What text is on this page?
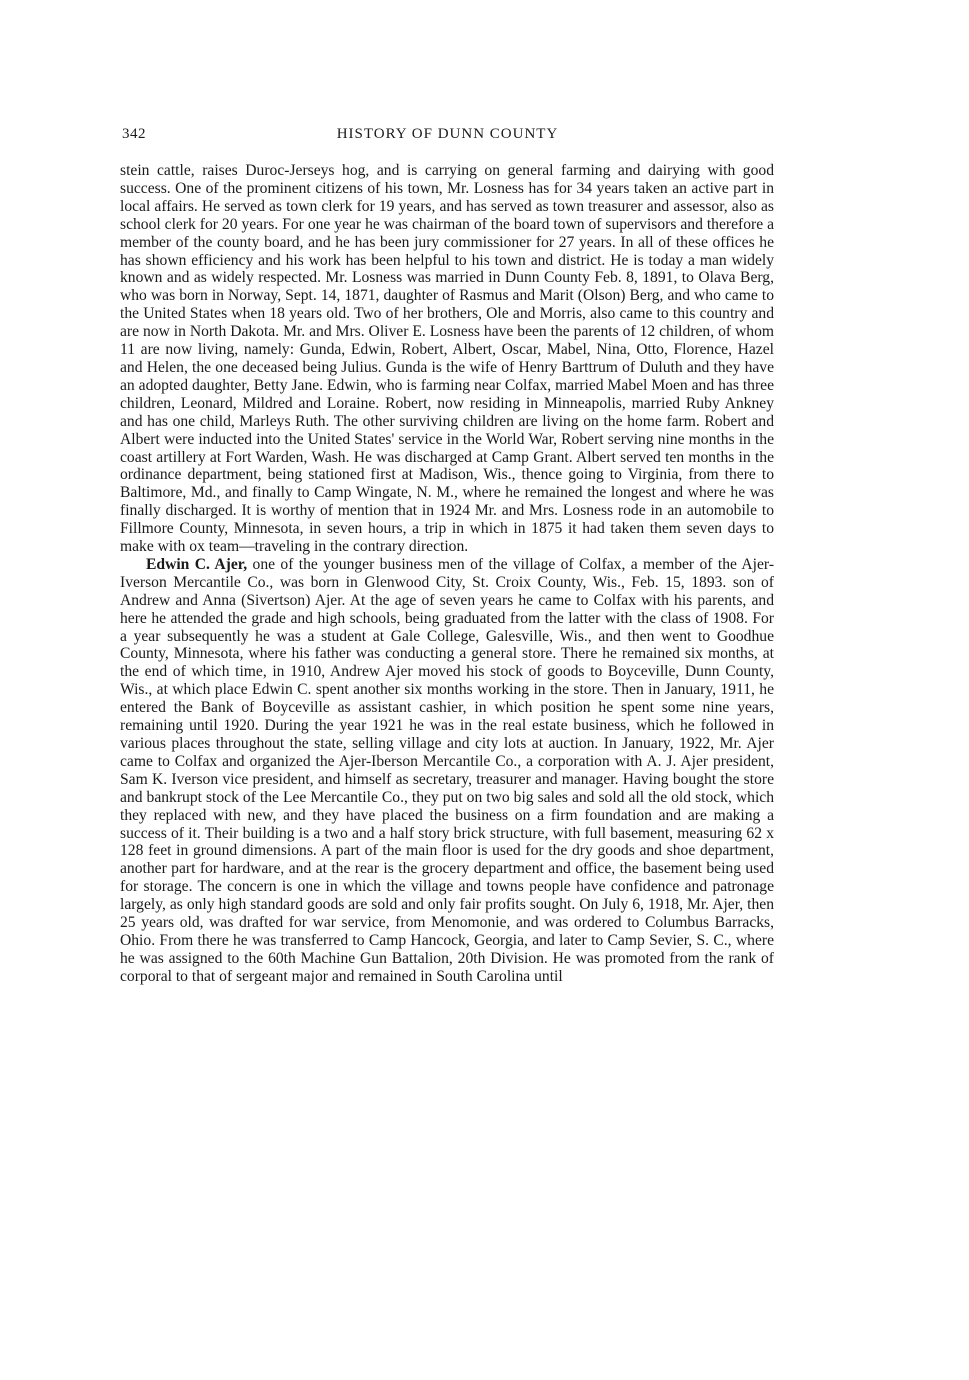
342	HISTORY OF DUNN COUNTY

stein cattle, raises Duroc-Jerseys hog, and is carrying on general farming and dairying with good success. One of the prominent citizens of his town, Mr. Losness has for 34 years taken an active part in local affairs. He served as town clerk for 19 years, and has served as town treasurer and assessor, also as school clerk for 20 years. For one year he was chairman of the board town of supervisors and therefore a member of the county board, and he has been jury commissioner for 27 years. In all of these offices he has shown efficiency and his work has been helpful to his town and district. He is today a man widely known and as widely respected. Mr. Losness was married in Dunn County Feb. 8, 1891, to Olava Berg, who was born in Norway, Sept. 14, 1871, daughter of Rasmus and Marit (Olson) Berg, and who came to the United States when 18 years old. Two of her brothers, Ole and Morris, also came to this country and are now in North Dakota. Mr. and Mrs. Oliver E. Losness have been the parents of 12 children, of whom 11 are now living, namely: Gunda, Edwin, Robert, Albert, Oscar, Mabel, Nina, Otto, Florence, Hazel and Helen, the one deceased being Julius. Gunda is the wife of Henry Barttrum of Duluth and they have an adopted daughter, Betty Jane. Edwin, who is farming near Colfax, married Mabel Moen and has three children, Leonard, Mildred and Loraine. Robert, now residing in Minneapolis, married Ruby Ankney and has one child, Marleys Ruth. The other surviving children are living on the home farm. Robert and Albert were inducted into the United States' service in the World War, Robert serving nine months in the coast artillery at Fort Warden, Wash. He was discharged at Camp Grant. Albert served ten months in the ordinance department, being stationed first at Madison, Wis., thence going to Virginia, from there to Baltimore, Md., and finally to Camp Wingate, N. M., where he remained the longest and where he was finally discharged. It is worthy of mention that in 1924 Mr. and Mrs. Losness rode in an automobile to Fillmore County, Minnesota, in seven hours, a trip in which in 1875 it had taken them seven days to make with ox team—traveling in the contrary direction.

Edwin C. Ajer, one of the younger business men of the village of Colfax, a member of the Ajer-Iverson Mercantile Co., was born in Glenwood City, St. Croix County, Wis., Feb. 15, 1893. son of Andrew and Anna (Sivertson) Ajer. At the age of seven years he came to Colfax with his parents, and here he attended the grade and high schools, being graduated from the latter with the class of 1908. For a year subsequently he was a student at Gale College, Galesville, Wis., and then went to Goodhue County, Minnesota, where his father was conducting a general store. There he remained six months, at the end of which time, in 1910, Andrew Ajer moved his stock of goods to Boyceville, Dunn County, Wis., at which place Edwin C. spent another six months working in the store. Then in January, 1911, he entered the Bank of Boyceville as assistant cashier, in which position he spent some nine years, remaining until 1920. During the year 1921 he was in the real estate business, which he followed in various places throughout the state, selling village and city lots at auction. In January, 1922, Mr. Ajer came to Colfax and organized the Ajer-Iberson Mercantile Co., a corporation with A. J. Ajer president, Sam K. Iverson vice president, and himself as secretary, treasurer and manager. Having bought the store and bankrupt stock of the Lee Mercantile Co., they put on two big sales and sold all the old stock, which they replaced with new, and they have placed the business on a firm foundation and are making a success of it. Their building is a two and a half story brick structure, with full basement, measuring 62 x 128 feet in ground dimensions. A part of the main floor is used for the dry goods and shoe department, another part for hardware, and at the rear is the grocery department and office, the basement being used for storage. The concern is one in which the village and towns people have confidence and patronage largely, as only high standard goods are sold and only fair profits sought. On July 6, 1918, Mr. Ajer, then 25 years old, was drafted for war service, from Menomonie, and was ordered to Columbus Barracks, Ohio. From there he was transferred to Camp Hancock, Georgia, and later to Camp Sevier, S. C., where he was assigned to the 60th Machine Gun Battalion, 20th Division. He was promoted from the rank of corporal to that of sergeant major and remained in South Carolina until
